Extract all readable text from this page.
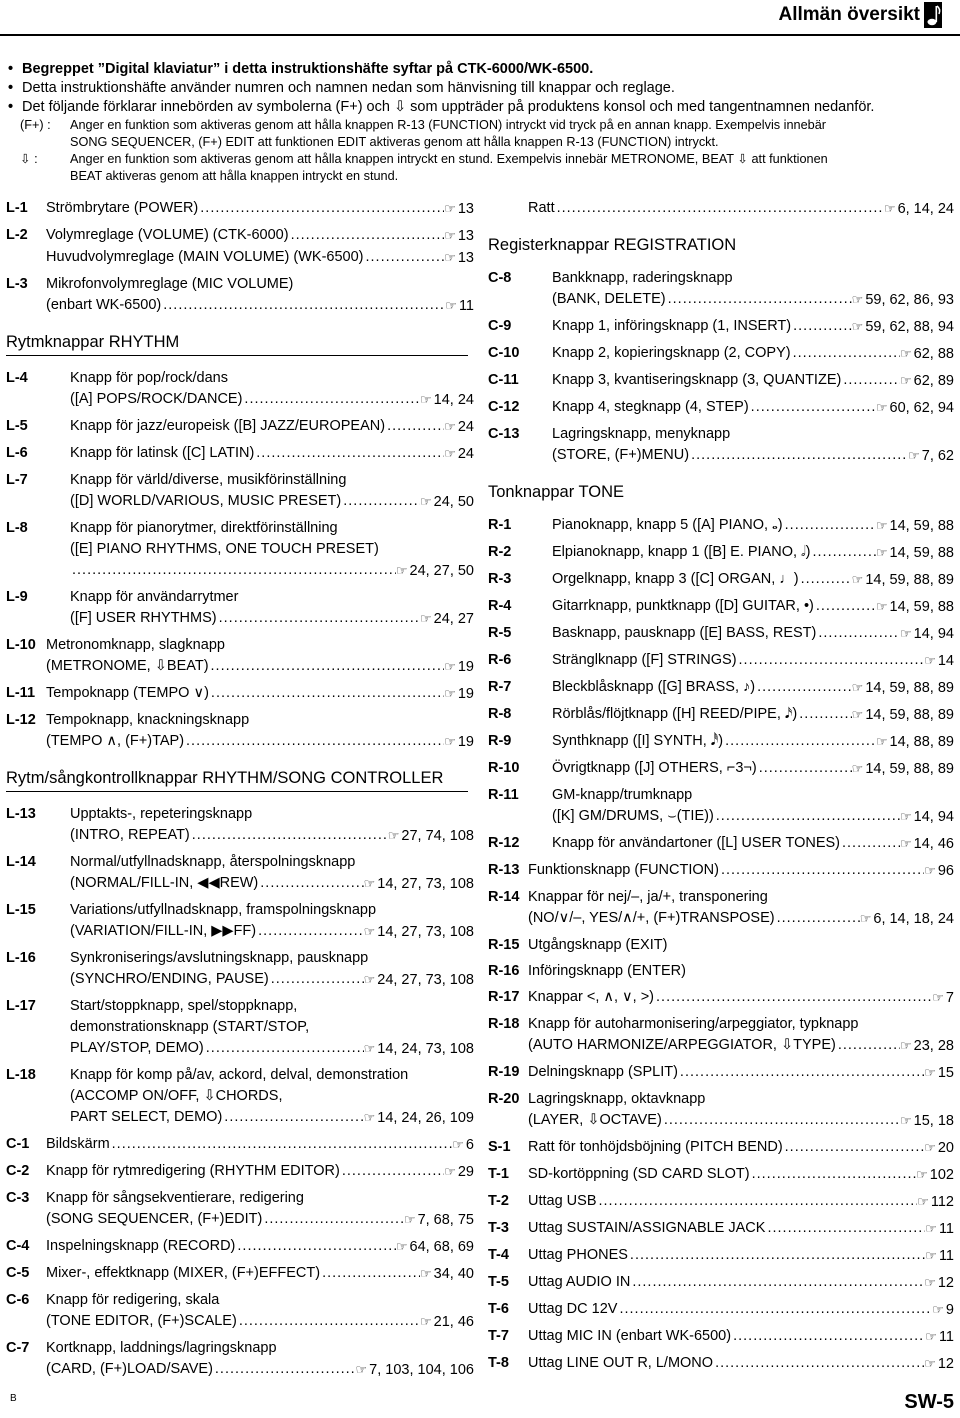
Allmän översikt
• Begreppet ”Digital klaviatur” i detta instruktionshäfte syftar på CTK-6000/WK-6500.
• Detta instruktionshäfte använder numren och namnen nedan som hänvisning till knappar och reglage.
• Det följande förklarar innebörden av symbolerna (F+) och ⇩ som uppträder på produktens konsol och med tangentnamnen nedanför.
(F+) :	Anger en funktion som aktiveras genom att hålla knappen R-13 (FUNCTION) intryckt vid tryck på en annan knapp. Exempelvis innebär
SONG SEQUENCER, (F+) EDIT att funktionen EDIT aktiveras genom att hålla knappen R-13 (FUNCTION) intryckt.
⇩ :	Anger en funktion som aktiveras genom att hålla knappen intryckt en stund. Exempelvis innebär METRONOME, BEAT ⇩ att funktionen
BEAT aktiveras genom att hålla knappen intryckt en stund.
L-1	Strömbrytare (POWER) .....	☞ 13
L-2	Volymreglage (VOLUME) (CTK-6000) .....	☞ 13
Huvudvolymreglage (MAIN VOLUME) (WK-6500) .....	☞ 13
L-3	Mikrofonvolymreglage (MIC VOLUME)
(enbart WK-6500) .....	☞ 11
Rytmknappar RHYTHM
L-4	Knapp för pop/rock/dans
([A] POPS/ROCK/DANCE) .....	☞ 14, 24
L-5	Knapp för jazz/europeisk ([B] JAZZ/EUROPEAN) .....	☞ 24
L-6	Knapp för latinsk ([C] LATIN) .....	☞ 24
L-7	Knapp för värld/diverse, musikförinställning
([D] WORLD/VARIOUS, MUSIC PRESET) .....	☞ 24, 50
L-8	Knapp för pianorytmer, direktförinställning
([E] PIANO RHYTHMS, ONE TOUCH PRESET)
.....
☞ 24, 27, 50
L-9	Knapp för användarrytmer
([F] USER RHYTHMS) .....	☞ 24, 27
L-10 Metronomknapp, slagknapp
(METRONOME, ⇩BEAT) .....	☞ 19
L-11 Tempoknapp (TEMPO ∨) .....	☞ 19
L-12 Tempoknapp, knackningsknapp
(TEMPO ∧, (F+)TAP) .....	☞ 19
Rytm/sångkontrollknappar RHYTHM/SONG CONTROLLER
L-13	Upptakts-, repeteringsknapp
(INTRO, REPEAT) .....	☞ 27, 74, 108
L-14	Normal/utfyllnadsknapp, återspolningsknapp
(NORMAL/FILL-IN, ◀◀REW) .....	☞ 14, 27, 73, 108
L-15	Variations/utfyllnadsknapp, framspolningsknapp
(VARIATION/FILL-IN, ▶▶FF) .....	☞ 14, 27, 73, 108
L-16	Synkroniserings/avslutningsknapp, pausknapp
(SYNCHRO/ENDING, PAUSE) .....	☞ 24, 27, 73, 108
L-17	Start/stoppknapp, spel/stoppknapp,
demonstrationsknapp (START/STOP,
PLAY/STOP, DEMO) .....	☞ 14, 24, 73, 108
L-18	Knapp för komp på/av, ackord, delval, demonstration
(ACCOMP ON/OFF, ⇩CHORDS,
PART SELECT, DEMO) .....	☞ 14, 24, 26, 109
C-1	Bildskärm .....	☞ 6
C-2	Knapp för rytmredigering (RHYTHM EDITOR) .....	☞ 29
C-3	Knapp för sångsekventierare, redigering
(SONG SEQUENCER, (F+)EDIT) .....	☞ 7, 68, 75
C-4	Inspelningsknapp (RECORD) .....	☞ 64, 68, 69
C-5	Mixer-, effektknapp (MIXER, (F+)EFFECT) .....	☞ 34, 40
C-6	Knapp för redigering, skala
(TONE EDITOR, (F+)SCALE) .....	☞ 21, 46
C-7	Kortknapp, laddnings/lagringsknapp
(CARD, (F+)LOAD/SAVE) .....	☞ 7, 103, 104, 106
Ratt .....	☞ 6, 14, 24
Registerknappar REGISTRATION
C-8	Bankknapp, raderingsknapp
(BANK, DELETE) .....	☞ 59, 62, 86, 93
C-9	Knapp 1, införingsknapp (1, INSERT) .....	☞ 59, 62, 88, 94
C-10	Knapp 2, kopieringsknapp (2, COPY) .....	☞ 62, 88
C-11	Knapp 3, kvantiseringsknapp (3, QUANTIZE) .....	☞ 62, 89
C-12	Knapp 4, stegknapp (4, STEP) .....	☞ 60, 62, 94
C-13	Lagringsknapp, menyknapp
(STORE, (F+)MENU) .....	☞ 7, 62
Tonknappar TONE
R-1	Pianoknapp, knapp 5 ([A] PIANO, 𝅝) .....	☞ 14, 59, 88
R-2	Elpianoknapp, knapp 1 ([B] E. PIANO, 𝅗𝅥) .....	☞ 14, 59, 88
R-3	Orgelknapp, knapp 3 ([C] ORGAN, ♩) .....	☞ 14, 59, 88, 89
R-4	Gitarrknapp, punktknapp ([D] GUITAR, •) .....	☞ 14, 59, 88
R-5	Basknapp, pausknapp ([E] BASS, REST) .....	☞ 14, 94
R-6	Stränglknapp ([F] STRINGS) .....	☞ 14
R-7	Bleckblåsknapp ([G] BRASS, ♪) .....	☞ 14, 59, 88, 89
R-8	Rörblås/flöjtknapp ([H] REED/PIPE, 𝅘𝅥𝅯) .....	☞ 14, 59, 88, 89
R-9	Synthknapp ([I] SYNTH, 𝅘𝅥𝅰) .....	☞ 14, 88, 89
R-10	Övrigtknapp ([J] OTHERS, ⌐3¬) .....	☞ 14, 59, 88, 89
R-11	GM-knapp/trumknapp
([K] GM/DRUMS, ⌣(TIE)) .....	☞ 14, 94
R-12	Knapp för användartoner ([L] USER TONES) .....	☞ 14, 46
R-13 Funktionsknapp (FUNCTION) .....	☞ 96
R-14 Knappar för nej/–, ja/+, transponering
(NO/∨/–, YES/∧/+, (F+)TRANSPOSE) .....	☞ 6, 14, 18, 24
R-15 Utgångsknapp (EXIT)
R-16 Införingsknapp (ENTER)
R-17 Knappar <, ∧, ∨, >) .....	☞ 7
R-18 Knapp för autoharmonisering/arpeggiator, typknapp
(AUTO HARMONIZE/ARPEGGIATOR, ⇩TYPE) .....	☞ 23, 28
R-19 Delningsknapp (SPLIT) .....	☞ 15
R-20 Lagringsknapp, oktavknapp
(LAYER, ⇩OCTAVE) .....	☞ 15, 18
S-1	Ratt för tonhöjdsböjning (PITCH BEND) .....	☞ 20
T-1	SD-kortöppning (SD CARD SLOT) .....	☞ 102
T-2	Uttag USB .....	☞ 112
T-3	Uttag SUSTAIN/ASSIGNABLE JACK .....	☞ 11
T-4	Uttag PHONES .....	☞ 11
T-5	Uttag AUDIO IN .....	☞ 12
T-6	Uttag DC 12V .....	☞ 9
T-7	Uttag MIC IN (enbart WK-6500) .....	☞ 11
T-8	Uttag LINE OUT R, L/MONO .....	☞ 12
B	SW-5
